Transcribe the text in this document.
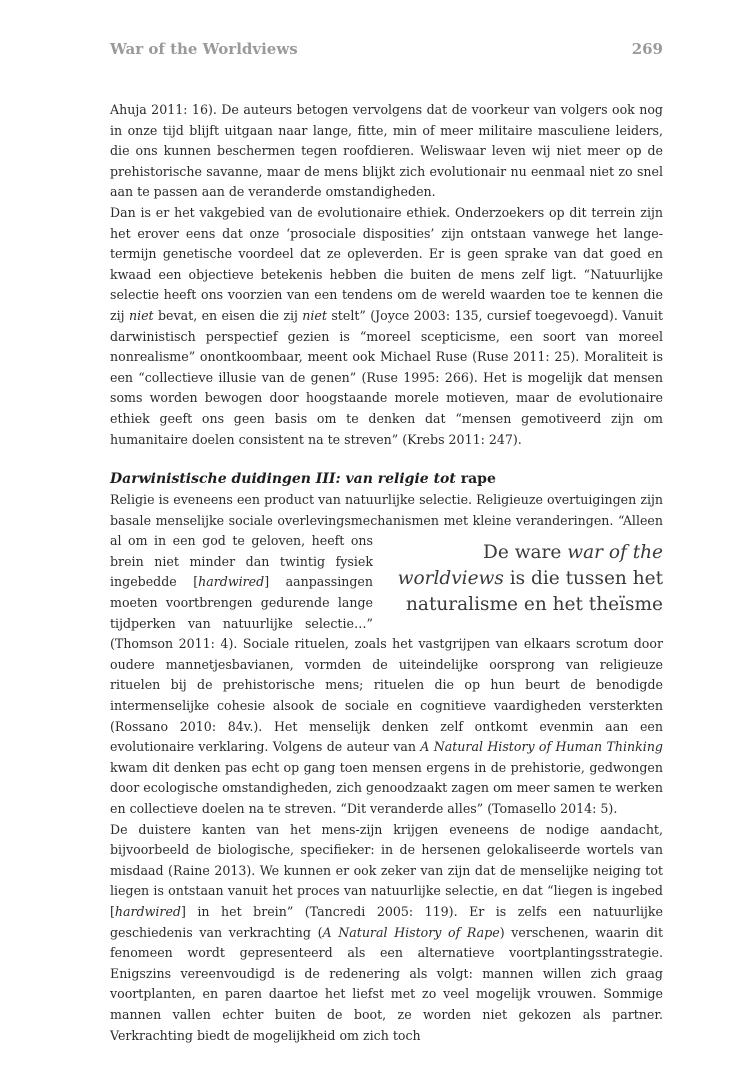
War of the Worldviews	269

Ahuja 2011: 16). De auteurs betogen vervolgens dat de voorkeur van volgers ook nog in onze tijd blijft uitgaan naar lange, fitte, min of meer militaire masculiene leiders, die ons kunnen beschermen tegen roofdieren. Weliswaar leven wij niet meer op de prehistorische savanne, maar de mens blijkt zich evolutionair nu eenmaal niet zo snel aan te passen aan de veranderde omstandigheden.

Dan is er het vakgebied van de evolutionaire ethiek. Onderzoekers op dit terrein zijn het erover eens dat onze ‘prosociale disposities’ zijn ontstaan vanwege het lange-termijn genetische voordeel dat ze opleverden. Er is geen sprake van dat goed en kwaad een objectieve betekenis hebben die buiten de mens zelf ligt. “Natuurlijke selectie heeft ons voorzien van een tendens om de wereld waarden toe te kennen die zij niet bevat, en eisen die zij niet stelt” (Joyce 2003: 135, cursief toegevoegd). Vanuit darwinistisch perspectief gezien is “moreel scepticisme, een soort van moreel nonrealisme” onontkoombaar, meent ook Michael Ruse (Ruse 2011: 25). Moraliteit is een “collectieve illusie van de genen” (Ruse 1995: 266). Het is mogelijk dat mensen soms worden bewogen door hoogstaande morele motieven, maar de evolutionaire ethiek geeft ons geen basis om te denken dat “mensen gemotiveerd zijn om humanitaire doelen consistent na te streven” (Krebs 2011: 247).

Darwinistische duidingen III: van religie tot rape

Religie is eveneens een product van natuurlijke selectie. Religieuze overtuigingen zijn basale menselijke sociale overlevingsmechanismen met kleine veranderingen. “Alleen al om in een
De ware war of the worldviews is die tussen het naturalisme en het theïsme
god te geloven, heeft ons brein niet minder dan twintig fysiek ingebedde [hardwired] aanpassingen moeten voortbrengen gedurende lange tijdperken van natuurlijke selectie…” (Thomson 2011: 4). Sociale rituelen, zoals het vastgrijpen van elkaars scrotum door oudere mannetjesbavianen, vormden de uiteindelijke oorsprong van religieuze rituelen bij de prehistorische mens; rituelen die op hun beurt de benodigde intermenselijke cohesie alsook de sociale en cognitieve vaardigheden versterkten (Rossano 2010: 84v.). Het menselijk denken zelf ontkomt evenmin aan een evolutionaire verklaring. Volgens de auteur van A Natural History of Human Thinking kwam dit denken pas echt op gang toen mensen ergens in de prehistorie, gedwongen door ecologische omstandigheden, zich genoodzaakt zagen om meer samen te werken en collectieve doelen na te streven. “Dit veranderde alles” (Tomasello 2014: 5).

De duistere kanten van het mens-zijn krijgen eveneens de nodige aandacht, bijvoorbeeld de biologische, specifieker: in de hersenen gelokaliseerde wortels van misdaad (Raine 2013). We kunnen er ook zeker van zijn dat de menselijke neiging tot liegen is ontstaan vanuit het proces van natuurlijke selectie, en dat “liegen is ingebed [hardwired] in het brein” (Tancredi 2005: 119). Er is zelfs een natuurlijke geschiedenis van verkrachting (A Natural History of Rape) verschenen, waarin dit fenomeen wordt gepresenteerd als een alternatieve voortplantingsstrategie. Enigszins vereenvoudigd is de redenering als volgt: mannen willen zich graag voortplanten, en paren daartoe het liefst met zo veel mogelijk vrouwen. Sommige mannen vallen echter buiten de boot, ze worden niet gekozen als partner. Verkrachting biedt de mogelijkheid om zich toch
